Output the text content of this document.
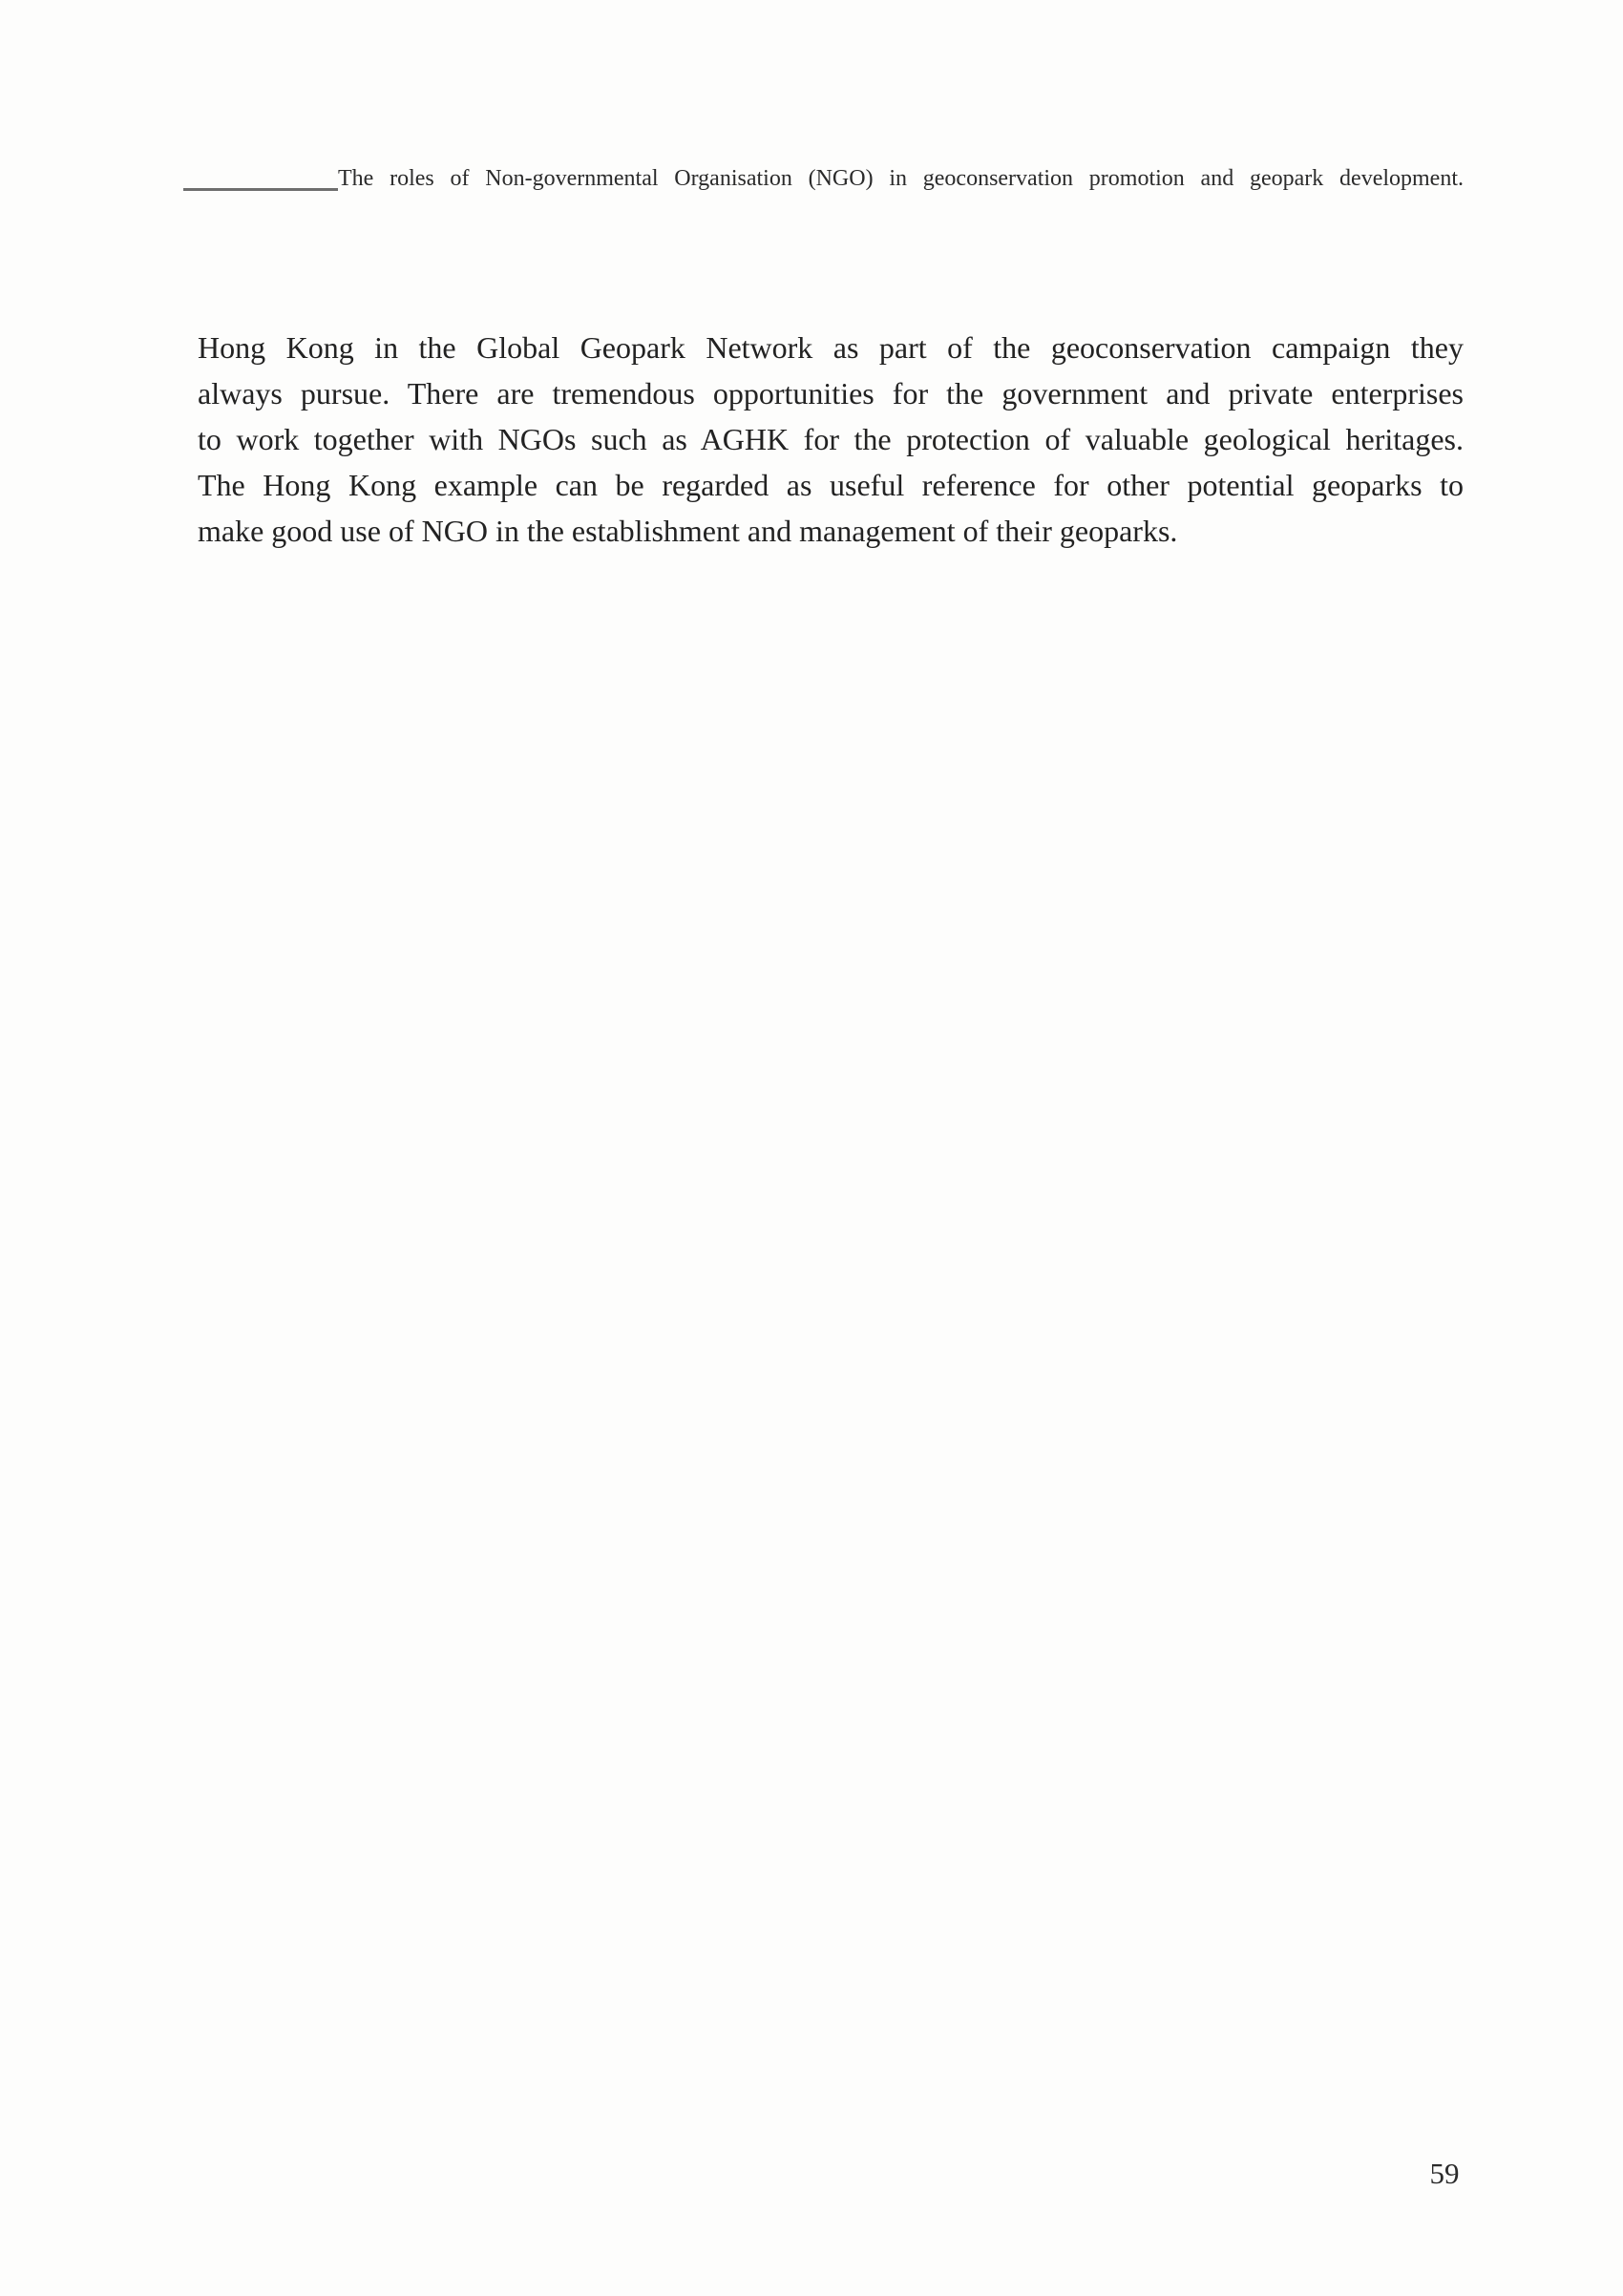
The roles of Non-governmental Organisation (NGO) in geoconservation promotion and geopark development.
Hong Kong in the Global Geopark Network as part of the geoconservation campaign they
always pursue. There are tremendous opportunities for the government and private enterprises
to work together with NGOs such as AGHK for the protection of valuable geological heritages.
The Hong Kong example can be regarded as useful reference for other potential geoparks to
make good use of NGO in the establishment and management of their geoparks.
59
